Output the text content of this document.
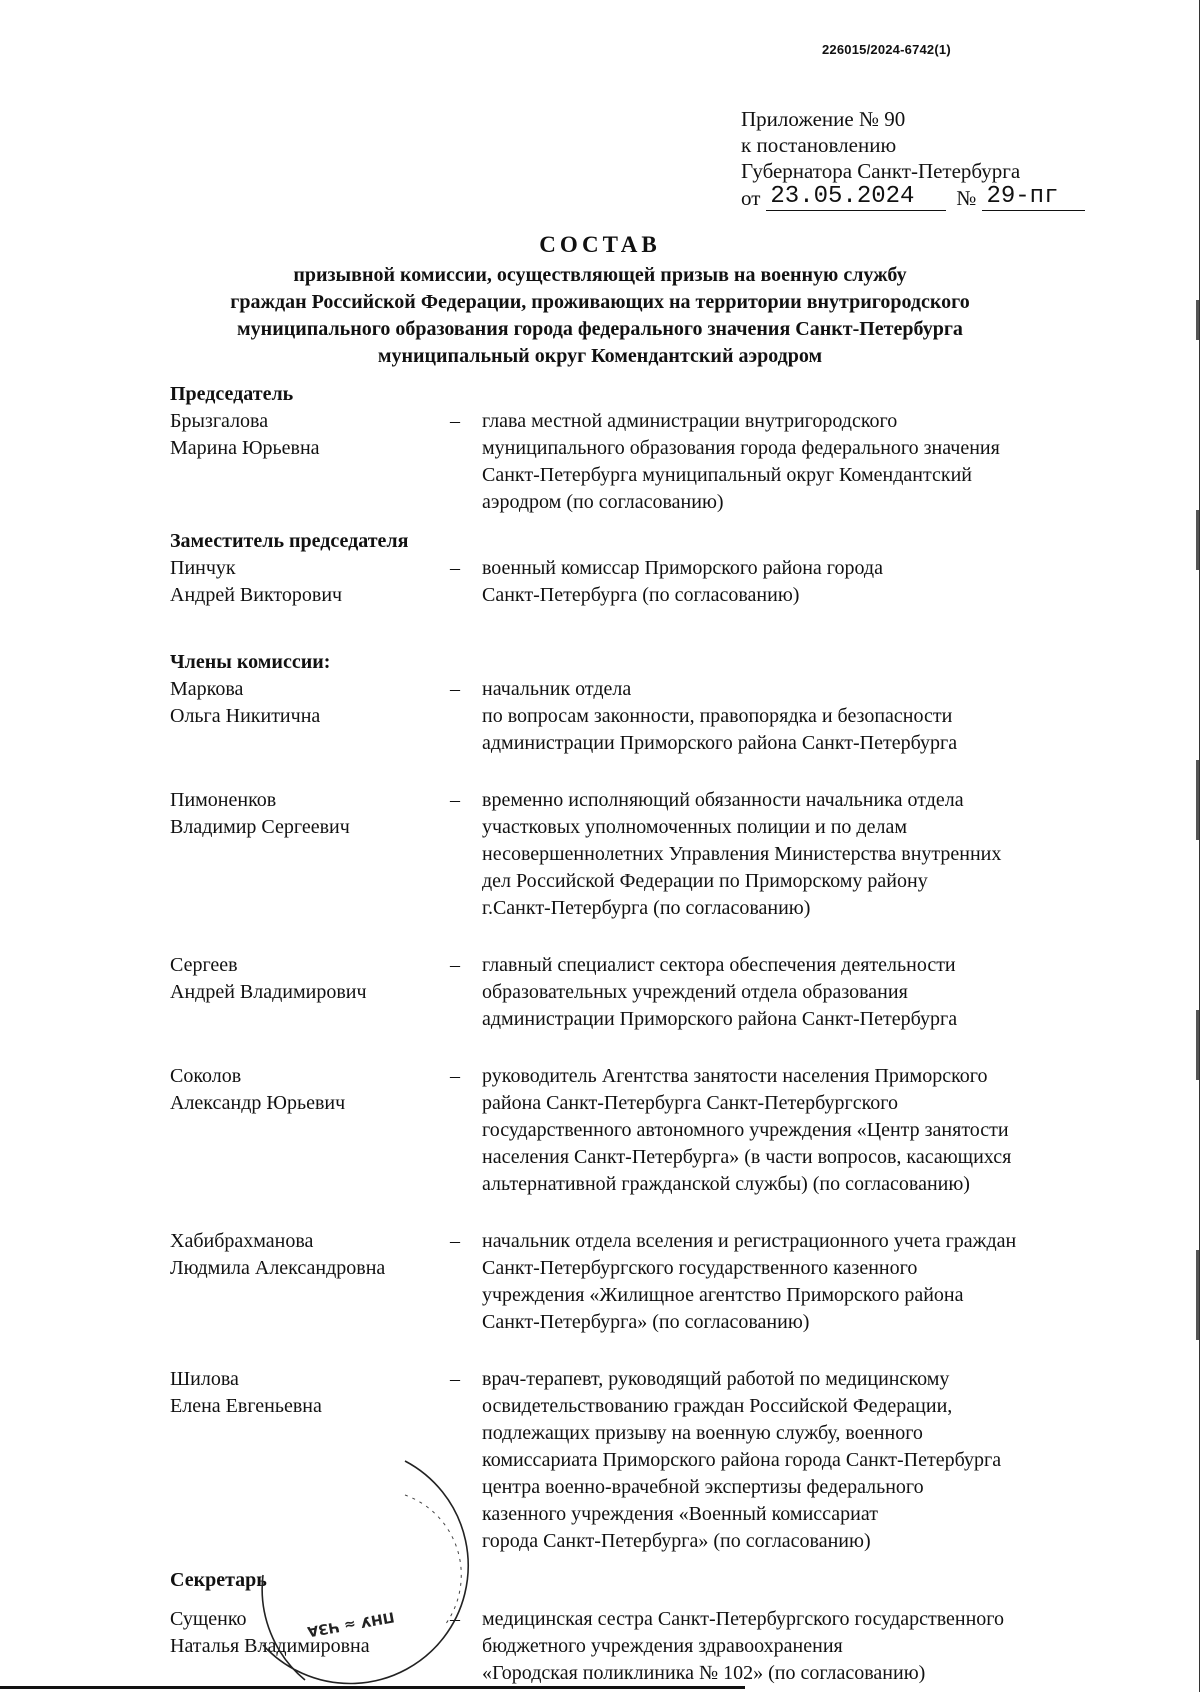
226015/2024-6742(1)
Приложение № 90
к постановлению
Губернатора Санкт-Петербурга
от 23.05.2024	№ 29-пг
СОСТАВ
призывной комиссии, осуществляющей призыв на военную службу
граждан Российской Федерации, проживающих на территории внутригородского
муниципального образования города федерального значения Санкт-Петербурга
муниципальный округ Комендантский аэродром
Председатель
Брызгалова
Марина Юрьевна
–	глава местной администрации внутригородского
муниципального образования города федерального значения
Санкт-Петербурга муниципальный округ Комендантский
аэродром (по согласованию)
Заместитель председателя
Пинчук
Андрей Викторович
–	военный комиссар Приморского района города
Санкт-Петербурга (по согласованию)
Члены комиссии:
Маркова
Ольга Никитична
–	начальник отдела
по вопросам законности, правопорядка и безопасности
администрации Приморского района Санкт-Петербурга
Пимоненков
Владимир Сергеевич
–	временно исполняющий обязанности начальника отдела
участковых уполномоченных полиции и по делам
несовершеннолетних Управления Министерства внутренних
дел Российской Федерации по Приморскому району
г.Санкт-Петербурга (по согласованию)
Сергеев
Андрей Владимирович
–	главный специалист сектора обеспечения деятельности
образовательных учреждений отдела образования
администрации Приморского района Санкт-Петербурга
Соколов
Александр Юрьевич
–	руководитель Агентства занятости населения Приморского
района Санкт-Петербурга Санкт-Петербургского
государственного автономного учреждения «Центр занятости
населения Санкт-Петербурга» (в части вопросов, касающихся
альтернативной гражданской службы) (по согласованию)
Хабибрахманова
Людмила Александровна
–	начальник отдела вселения и регистрационного учета граждан
Санкт-Петербургского государственного казенного
учреждения «Жилищное агентство Приморского района
Санкт-Петербурга» (по согласованию)
Шилова
Елена Евгеньевна
–	врач-терапевт, руководящий работой по медицинскому
освидетельствованию граждан Российской Федерации,
подлежащих призыву на военную службу, военного
комиссариата Приморского района города Санкт-Петербурга
центра военно-врачебной экспертизы федерального
казенного учреждения «Военный комиссариат
города Санкт-Петербурга» (по согласованию)
Секретарь
Сущенко
Наталья Владимировна
–	медицинская сестра Санкт-Петербургского государственного
бюджетного учреждения здравоохранения
«Городская поликлиника № 102» (по согласованию)
ПНУ ≈ ЧЗА
